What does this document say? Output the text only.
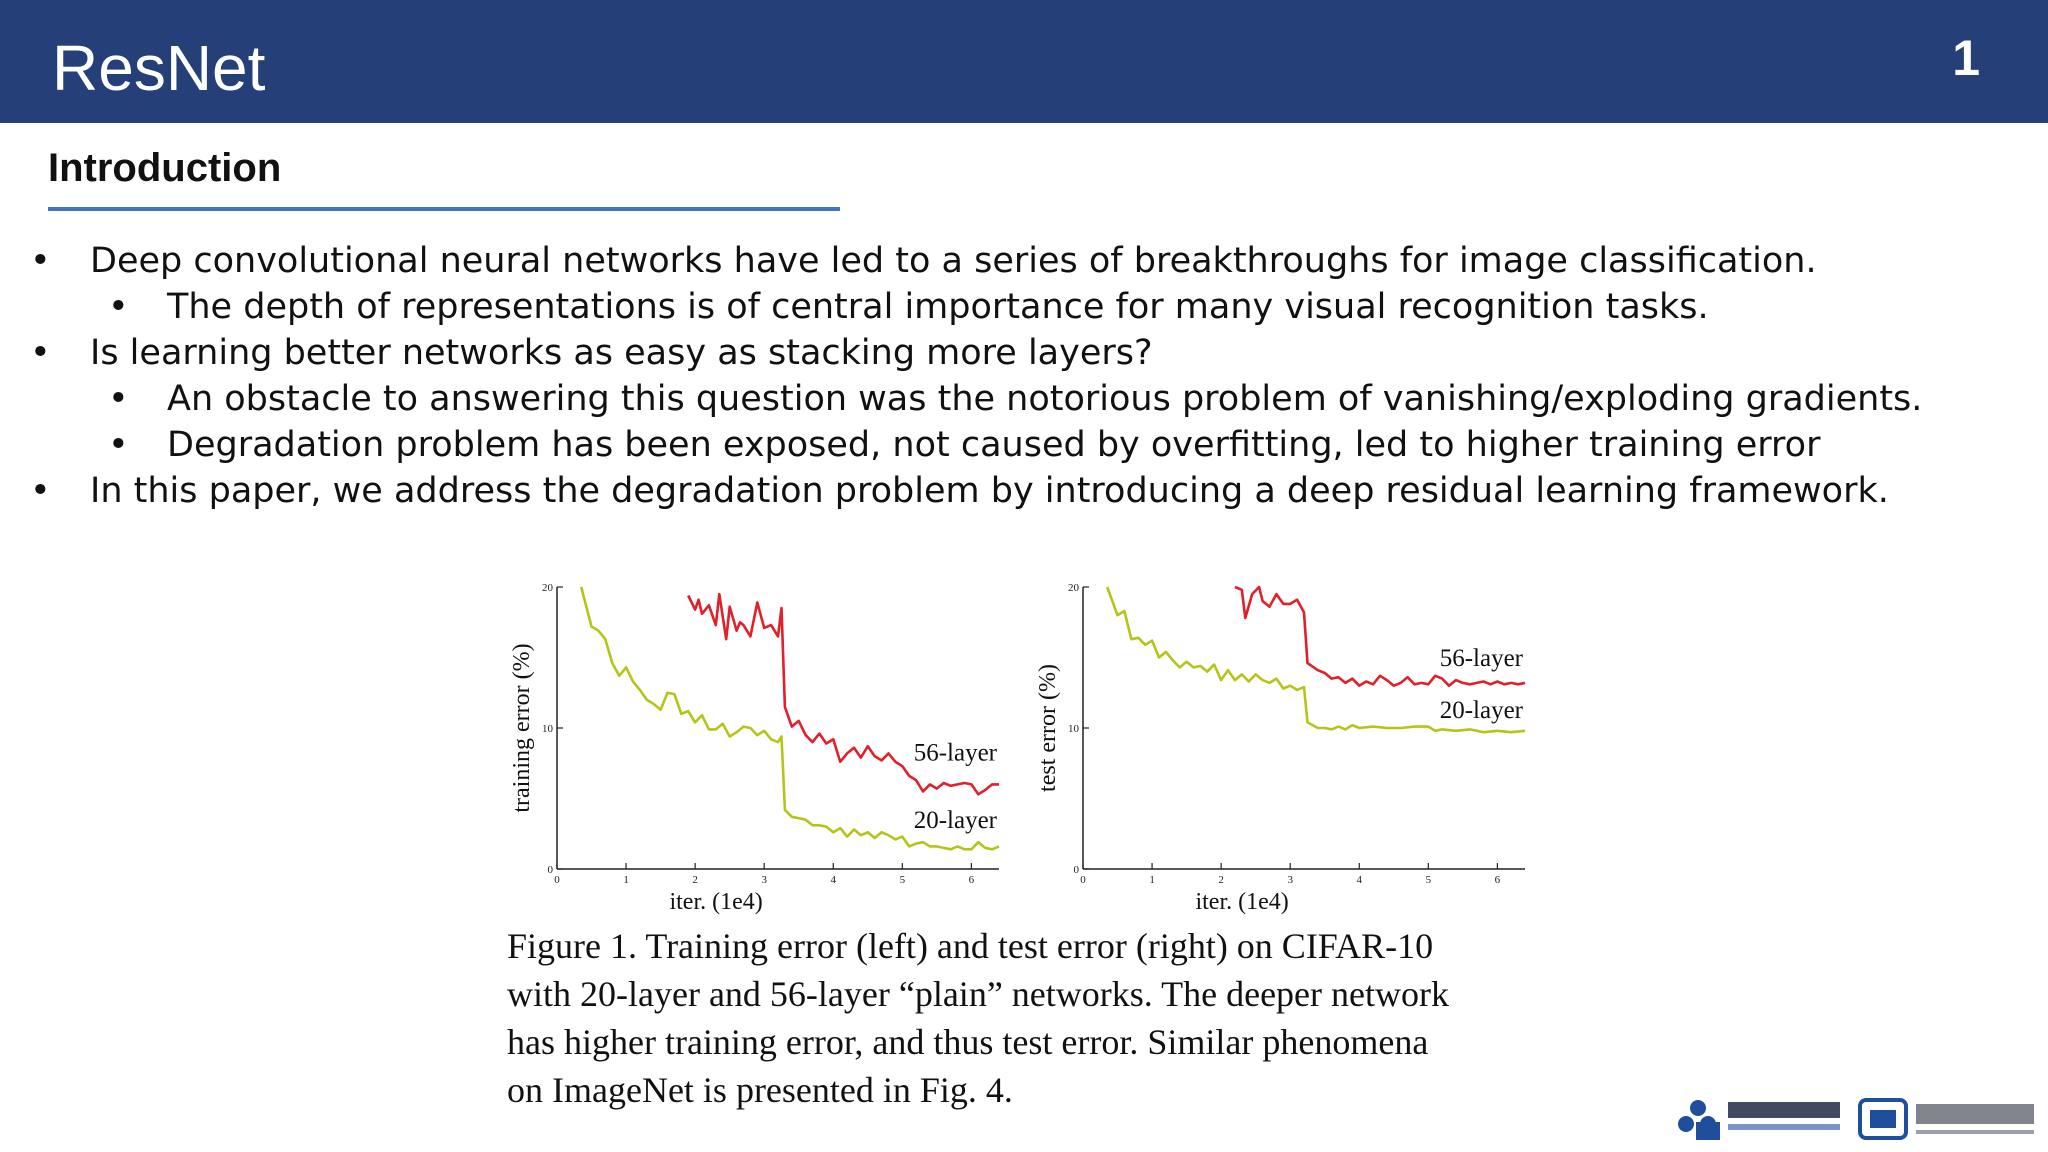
ResNet	1
Introduction
• Deep convolutional neural networks have led to a series of breakthroughs for image classification.
• The depth of representations is of central importance for many visual recognition tasks.
• Is learning better networks as easy as stacking more layers?
• An obstacle to answering this question was the notorious problem of vanishing/exploding gradients.
• Degradation problem has been exposed, not caused by overfitting, led to higher training error
• In this paper, we address the degradation problem by introducing a deep residual learning framework.
0	1	2	3	4	5	6
0
10
20
iter. (1e4)
training error (%)	56-layer
20-layer
0	1	2	3	4	5	6
0
10
20
iter. (1e4)
test error (%)
56-layer
20-layer
Figure 1. Training error (left) and test error (right) on CIFAR-10
with 20-layer and 56-layer “plain” networks. The deeper network
has higher training error, and thus test error. Similar phenomena
on ImageNet is presented in Fig. 4.
